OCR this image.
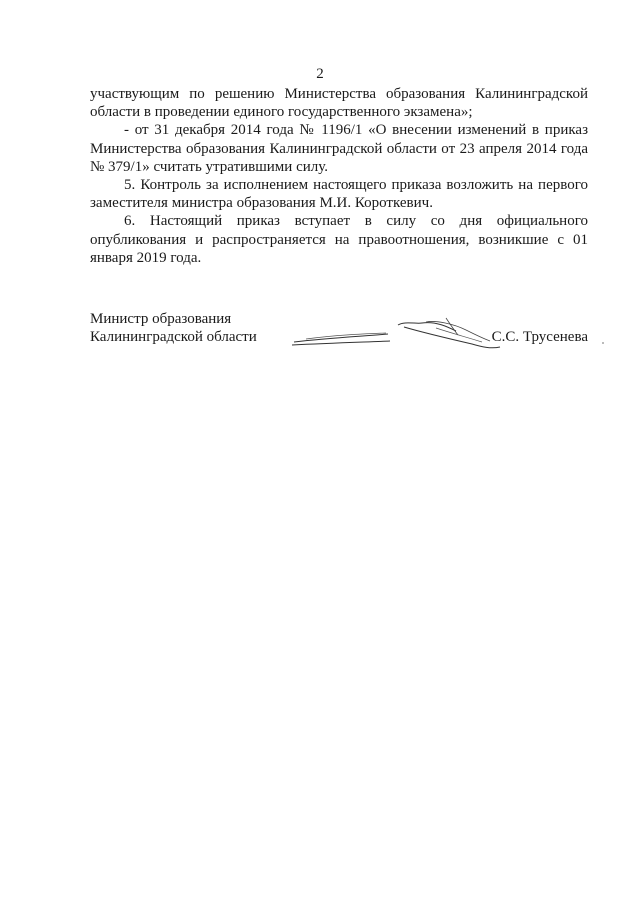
2

участвующим по решению Министерства образования Калининградской области в проведении единого государственного экзамена»;

- от 31 декабря 2014 года № 1196/1 «О внесении изменений в приказ Министерства образования Калининградской области от 23 апреля 2014 года № 379/1» считать утратившими силу.

5. Контроль за исполнением настоящего приказа возложить на первого заместителя министра образования М.И. Короткевич.

6. Настоящий приказ вступает в силу со дня официального опубликования и распространяется на правоотношения, возникшие с 01 января 2019 года.

Министр образования
Калининградской области	С.С. Трусенева
